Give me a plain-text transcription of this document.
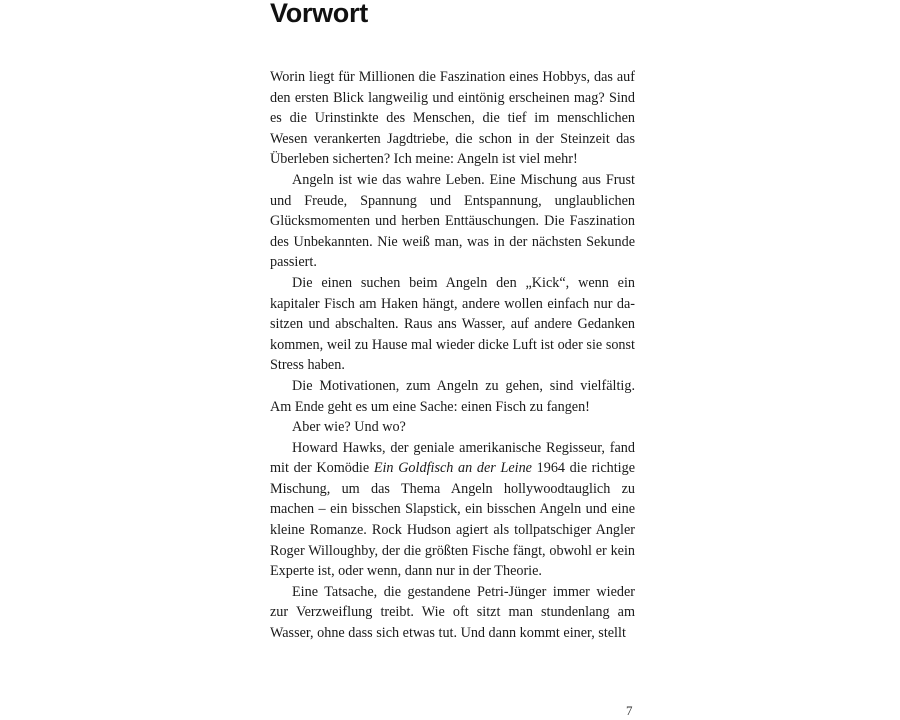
Vorwort

Worin liegt für Millionen die Faszination eines Hobbys, das auf den ersten Blick langweilig und eintönig erscheinen mag? Sind es die Urinstinkte des Menschen, die tief im menschlichen Wesen verankerten Jagdtriebe, die schon in der Steinzeit das Überleben sicherten? Ich meine: Angeln ist viel mehr!

Angeln ist wie das wahre Leben. Eine Mischung aus Frust und Freude, Spannung und Entspannung, unglaublichen Glücksmomenten und herben Enttäuschungen. Die Faszination des Unbekannten. Nie weiß man, was in der nächsten Sekunde passiert.

Die einen suchen beim Angeln den „Kick“, wenn ein kapitaler Fisch am Haken hängt, andere wollen einfach nur dasitzen und abschalten. Raus ans Wasser, auf andere Gedanken kommen, weil zu Hause mal wieder dicke Luft ist oder sie sonst Stress haben.

Die Motivationen, zum Angeln zu gehen, sind vielfältig. Am Ende geht es um eine Sache: einen Fisch zu fangen!

Aber wie? Und wo?

Howard Hawks, der geniale amerikanische Regisseur, fand mit der Komödie Ein Goldfisch an der Leine 1964 die richtige Mischung, um das Thema Angeln hollywoodtauglich zu machen – ein bisschen Slapstick, ein bisschen Angeln und eine kleine Romanze. Rock Hudson agiert als tollpatschiger Angler Roger Willoughby, der die größten Fische fängt, obwohl er kein Experte ist, oder wenn, dann nur in der Theorie.

Eine Tatsache, die gestandene Petri-Jünger immer wieder zur Verzweiflung treibt. Wie oft sitzt man stundenlang am Wasser, ohne dass sich etwas tut. Und dann kommt einer, stellt

7
